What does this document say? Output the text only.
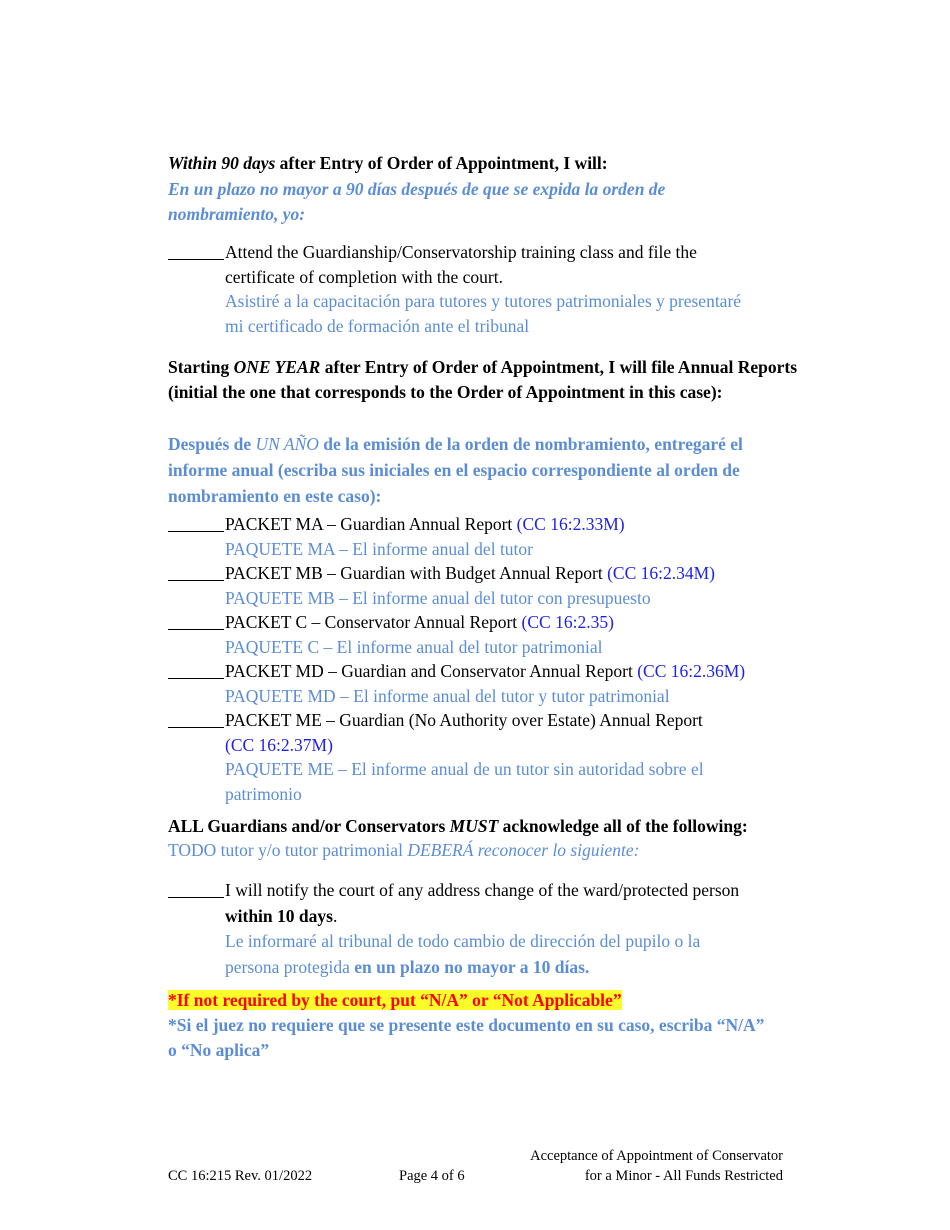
Within 90 days after Entry of Order of Appointment, I will:

En un plazo no mayor a 90 días después de que se expida la orden de nombramiento, yo:

Attend the Guardianship/Conservatorship training class and file the
certificate of completion with the court.
Asistiré a la capacitación para tutores y tutores patrimoniales y presentaré
mi certificado de formación ante el tribunal

Starting ONE YEAR after Entry of Order of Appointment, I will file Annual Reports (initial the one that corresponds to the Order of Appointment in this case):

Después de UN AÑO de la emisión de la orden de nombramiento, entregaré el informe anual (escriba sus iniciales en el espacio correspondiente al orden de nombramiento en este caso):

PACKET MA – Guardian Annual Report (CC 16:2.33M)
PAQUETE MA – El informe anual del tutor
PACKET MB – Guardian with Budget Annual Report (CC 16:2.34M)
PAQUETE MB – El informe anual del tutor con presupuesto
PACKET C – Conservator Annual Report (CC 16:2.35)
PAQUETE C – El informe anual del tutor patrimonial
PACKET MD – Guardian and Conservator Annual Report (CC 16:2.36M)
PAQUETE MD – El informe anual del tutor y tutor patrimonial
PACKET ME – Guardian (No Authority over Estate) Annual Report
(CC 16:2.37M)
PAQUETE ME – El informe anual de un tutor sin autoridad sobre el
patrimonio

ALL Guardians and/or Conservators MUST acknowledge all of the following:

TODO tutor y/o tutor patrimonial DEBERÁ reconocer lo siguiente:

I will notify the court of any address change of the ward/protected person
within 10 days.
Le informaré al tribunal de todo cambio de dirección del pupilo o la
persona protegida en un plazo no mayor a 10 días.

*If not required by the court, put “N/A” or “Not Applicable”

*Si el juez no requiere que se presente este documento en su caso, escriba “N/A” o “No aplica”

CC 16:215 Rev. 01/2022	Page 4 of 6
Acceptance of Appointment of Conservator
for a Minor - All Funds Restricted
